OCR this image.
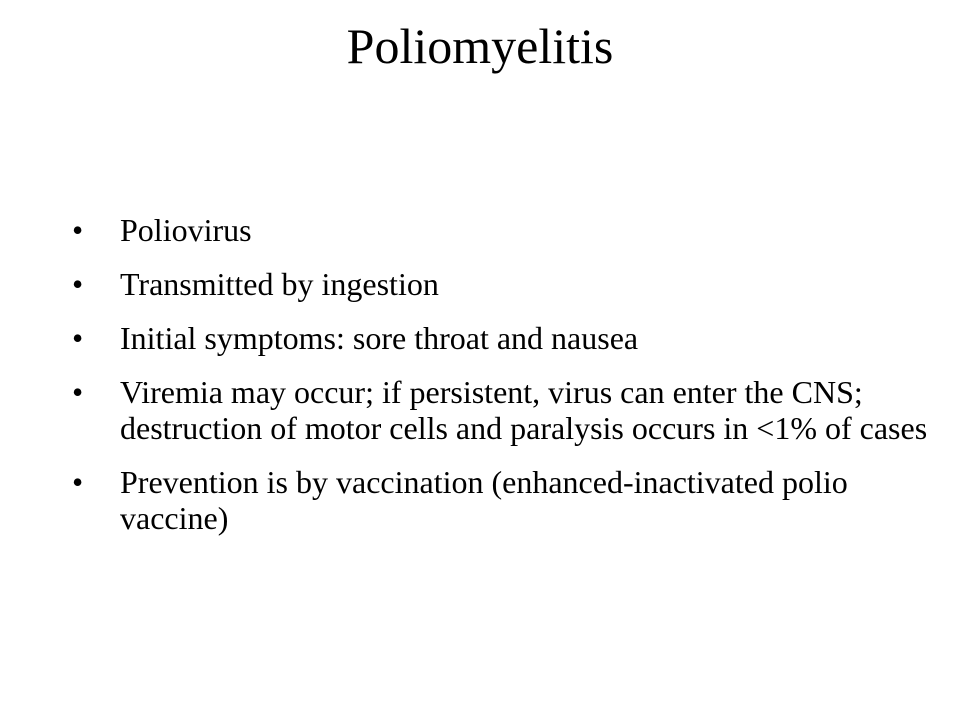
Poliomyelitis
•	Poliovirus
•	Transmitted by ingestion
•	Initial symptoms: sore throat and nausea
•	Viremia may occur; if persistent, virus can enter the CNS; destruction of motor cells and paralysis occurs in <1% of cases
•	Prevention is by vaccination (enhanced-inactivated polio vaccine)
